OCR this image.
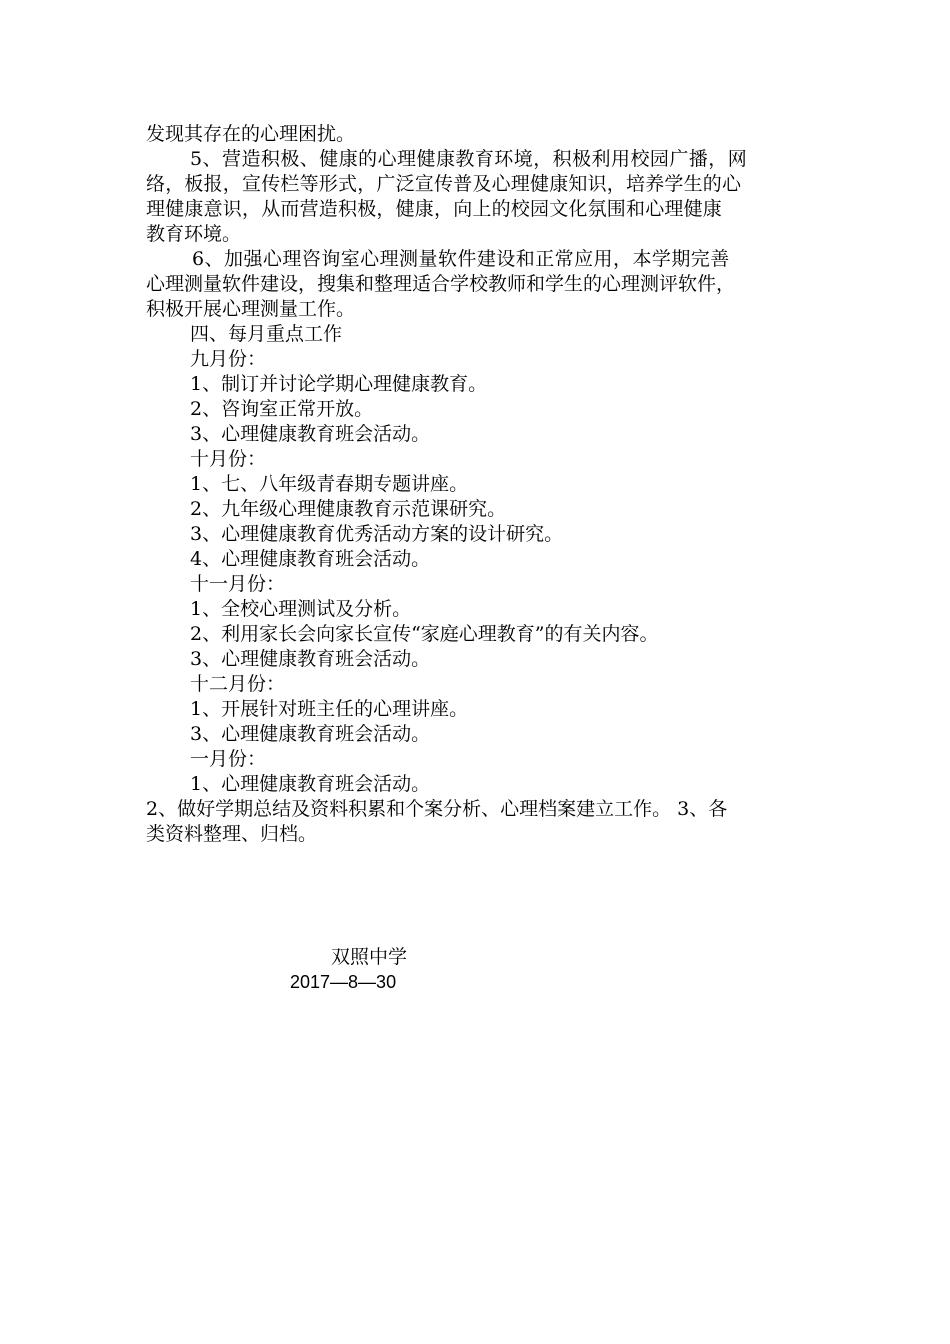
发现其存在的心理困扰。
5、营造积极、健康的心理健康教育环境，积极利用校园广播，网
络，板报，宣传栏等形式，广泛宣传普及心理健康知识，培养学生的心
理健康意识，从而营造积极，健康，向上的校园文化氛围和心理健康
教育环境。
6、加强心理咨询室心理测量软件建设和正常应用，本学期完善
心理测量软件建设，搜集和整理适合学校教师和学生的心理测评软件，
积极开展心理测量工作。
四、每月重点工作
九月份：
1、制订并讨论学期心理健康教育。
2、咨询室正常开放。
3、心理健康教育班会活动。
十月份：
1、七、八年级青春期专题讲座。
2、九年级心理健康教育示范课研究。
3、心理健康教育优秀活动方案的设计研究。
4、心理健康教育班会活动。
十一月份：
1、全校心理测试及分析。
2、利用家长会向家长宣传“家庭心理教育”的有关内容。
3、心理健康教育班会活动。
十二月份：
1、开展针对班主任的心理讲座。
3、心理健康教育班会活动。
一月份：
1、心理健康教育班会活动。
2、做好学期总结及资料积累和个案分析、心理档案建立工作。 3、各
类资料整理、归档。
双照中学
2017—8—30
